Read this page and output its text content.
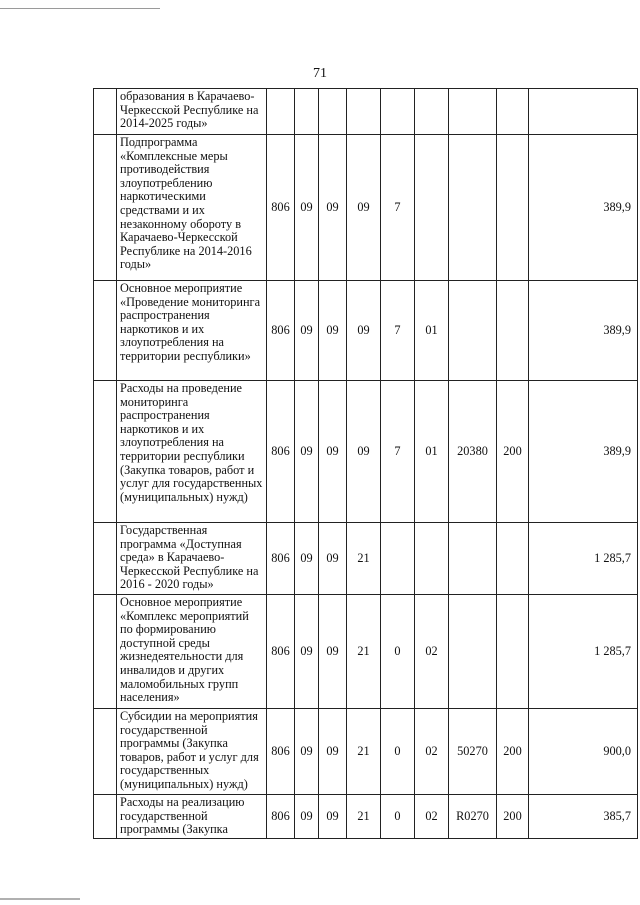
71
	образования в Карачаево-Черкесской Республике на 2014-2025 годы»									
	Подпрограмма «Комплексные меры противодействия злоупотреблению наркотическими средствами и их незаконному обороту в Карачаево-Черкесской Республике на 2014-2016 годы»	806	09	09	09	7				389,9
	Основное мероприятие «Проведение мониторинга распространения наркотиков и их злоупотребления на территории республики»	806	09	09	09	7	01			389,9
	Расходы на проведение мониторинга распространения наркотиков и их злоупотребления на территории республики (Закупка товаров, работ и услуг для государственных (муниципальных) нужд)	806	09	09	09	7	01	20380	200	389,9
	Государственная программа «Доступная среда» в Карачаево-Черкесской Республике на 2016 - 2020 годы»	806	09	09	21					1 285,7
	Основное мероприятие «Комплекс мероприятий по формированию доступной среды жизнедеятельности для инвалидов и других маломобильных групп населения»	806	09	09	21	0	02			1 285,7
	Субсидии на мероприятия государственной программы (Закупка товаров, работ и услуг для государственных (муниципальных) нужд)	806	09	09	21	0	02	50270	200	900,0
	Расходы на реализацию государственной программы (Закупка	806	09	09	21	0	02	R0270	200	385,7
